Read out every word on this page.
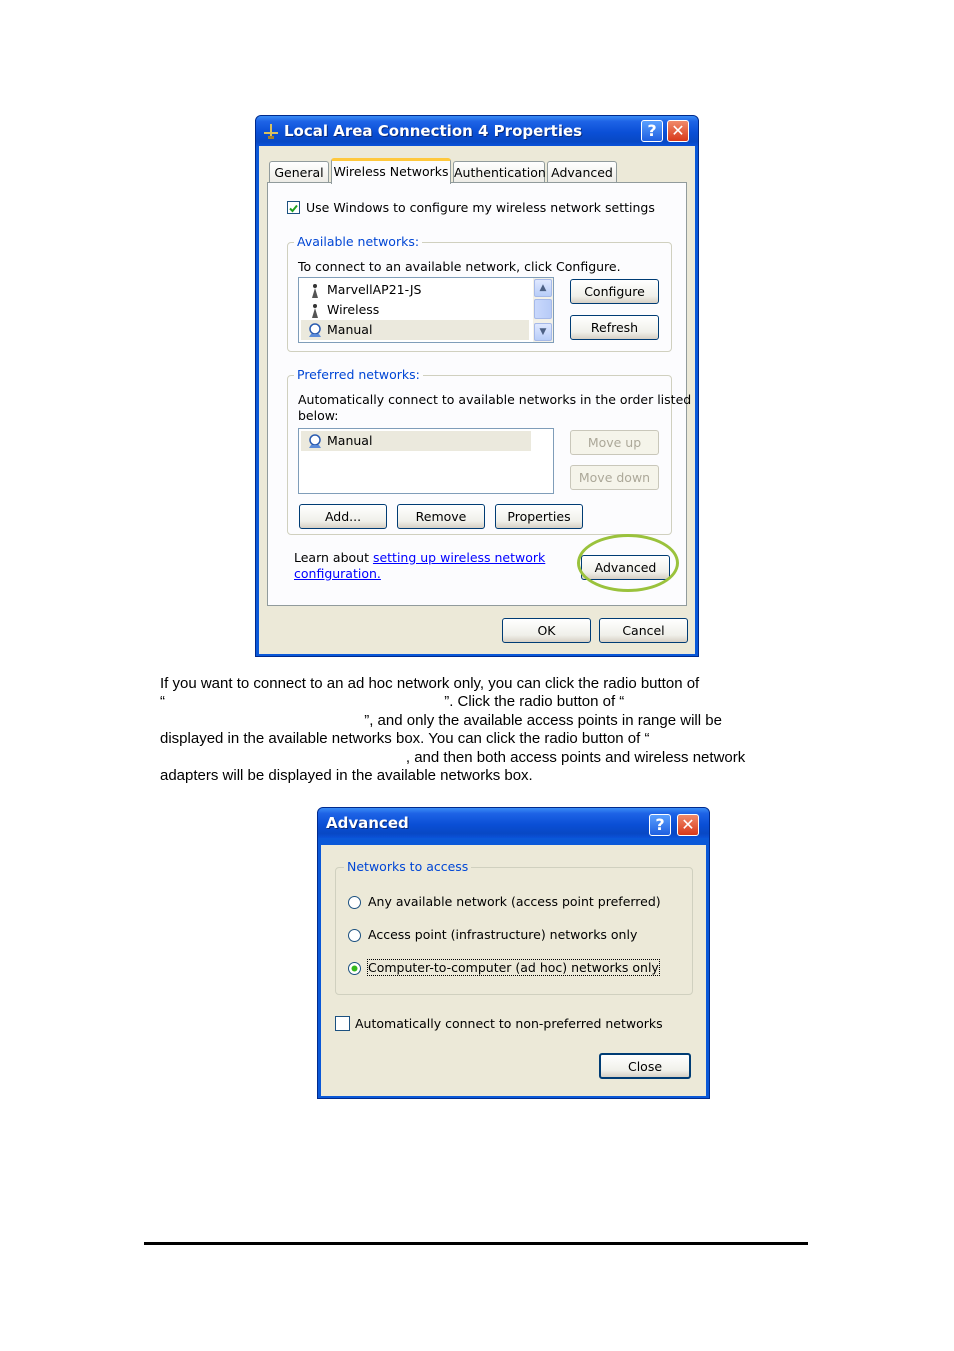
Local Area Connection 4 Properties	? ✕
General Wireless Networks Authentication Advanced
Use Windows to configure my wireless network settings
Available networks:
To connect to an available network, click Configure.
MarvellAP21-JS
Wireless
Manual
▲
▼
Configure
Refresh
Preferred networks:
Automatically connect to available networks in the order listed
below:
Manual	Move up
Move down
Add...	Remove	Properties
Learn about setting up wireless network
configuration.	Advanced
OK	Cancel
If you want to connect to an ad hoc network only, you can click the radio button of
“                                                                   ”. Click the radio button of “
”, and only the available access points in range will be
displayed in the available networks box. You can click the radio button of “
, and then both access points and wireless network
adapters will be displayed in the available networks box.
Advanced	?	✕
Networks to access
Any available network (access point preferred)
Access point (infrastructure) networks only
Computer-to-computer (ad hoc) networks only
Automatically connect to non-preferred networks
Close
